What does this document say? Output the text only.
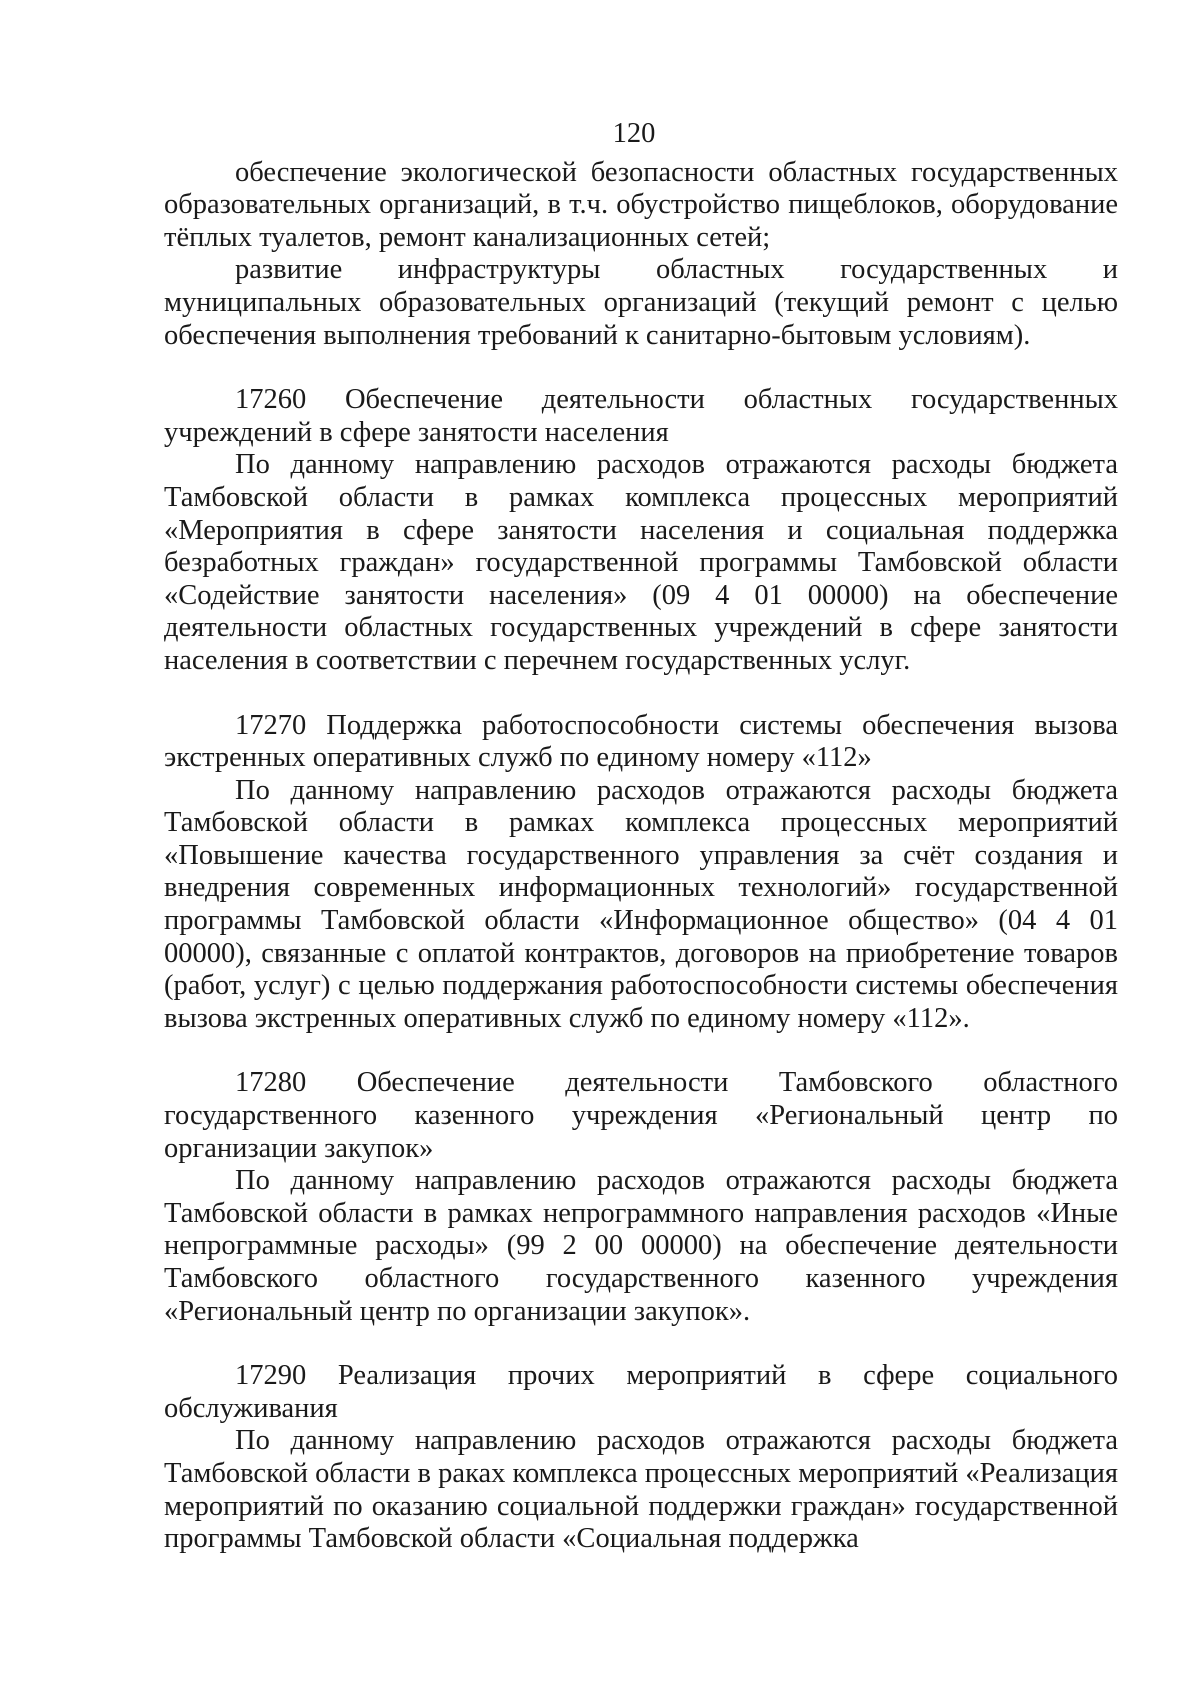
120

обеспечение экологической безопасности областных государственных образовательных организаций, в т.ч. обустройство пищеблоков, оборудование тёплых туалетов, ремонт канализационных сетей;

развитие инфраструктуры областных государственных и муниципальных образовательных организаций (текущий ремонт с целью обеспечения выполнения требований к санитарно-бытовым условиям).

17260 Обеспечение деятельности областных государственных учреждений в сфере занятости населения

По данному направлению расходов отражаются расходы бюджета Тамбовской области в рамках комплекса процессных мероприятий «Мероприятия в сфере занятости населения и социальная поддержка безработных граждан» государственной программы Тамбовской области «Содействие занятости населения» (09 4 01 00000) на обеспечение деятельности областных государственных учреждений в сфере занятости населения в соответствии с перечнем государственных услуг.

17270 Поддержка работоспособности системы обеспечения вызова экстренных оперативных служб по единому номеру «112»

По данному направлению расходов отражаются расходы бюджета Тамбовской области в рамках комплекса процессных мероприятий «Повышение качества государственного управления за счёт создания и внедрения современных информационных технологий» государственной программы Тамбовской области «Информационное общество» (04 4 01 00000), связанные с оплатой контрактов, договоров на приобретение товаров (работ, услуг) с целью поддержания работоспособности системы обеспечения вызова экстренных оперативных служб по единому номеру «112».

17280 Обеспечение деятельности Тамбовского областного государственного казенного учреждения «Региональный центр по организации закупок»

По данному направлению расходов отражаются расходы бюджета Тамбовской области в рамках непрограммного направления расходов «Иные непрограммные расходы» (99 2 00 00000) на обеспечение деятельности Тамбовского областного государственного казенного учреждения «Региональный центр по организации закупок».

17290 Реализация прочих мероприятий в сфере социального обслуживания

По данному направлению расходов отражаются расходы бюджета Тамбовской области в раках комплекса процессных мероприятий «Реализация мероприятий по оказанию социальной поддержки граждан» государственной программы Тамбовской области «Социальная поддержка
